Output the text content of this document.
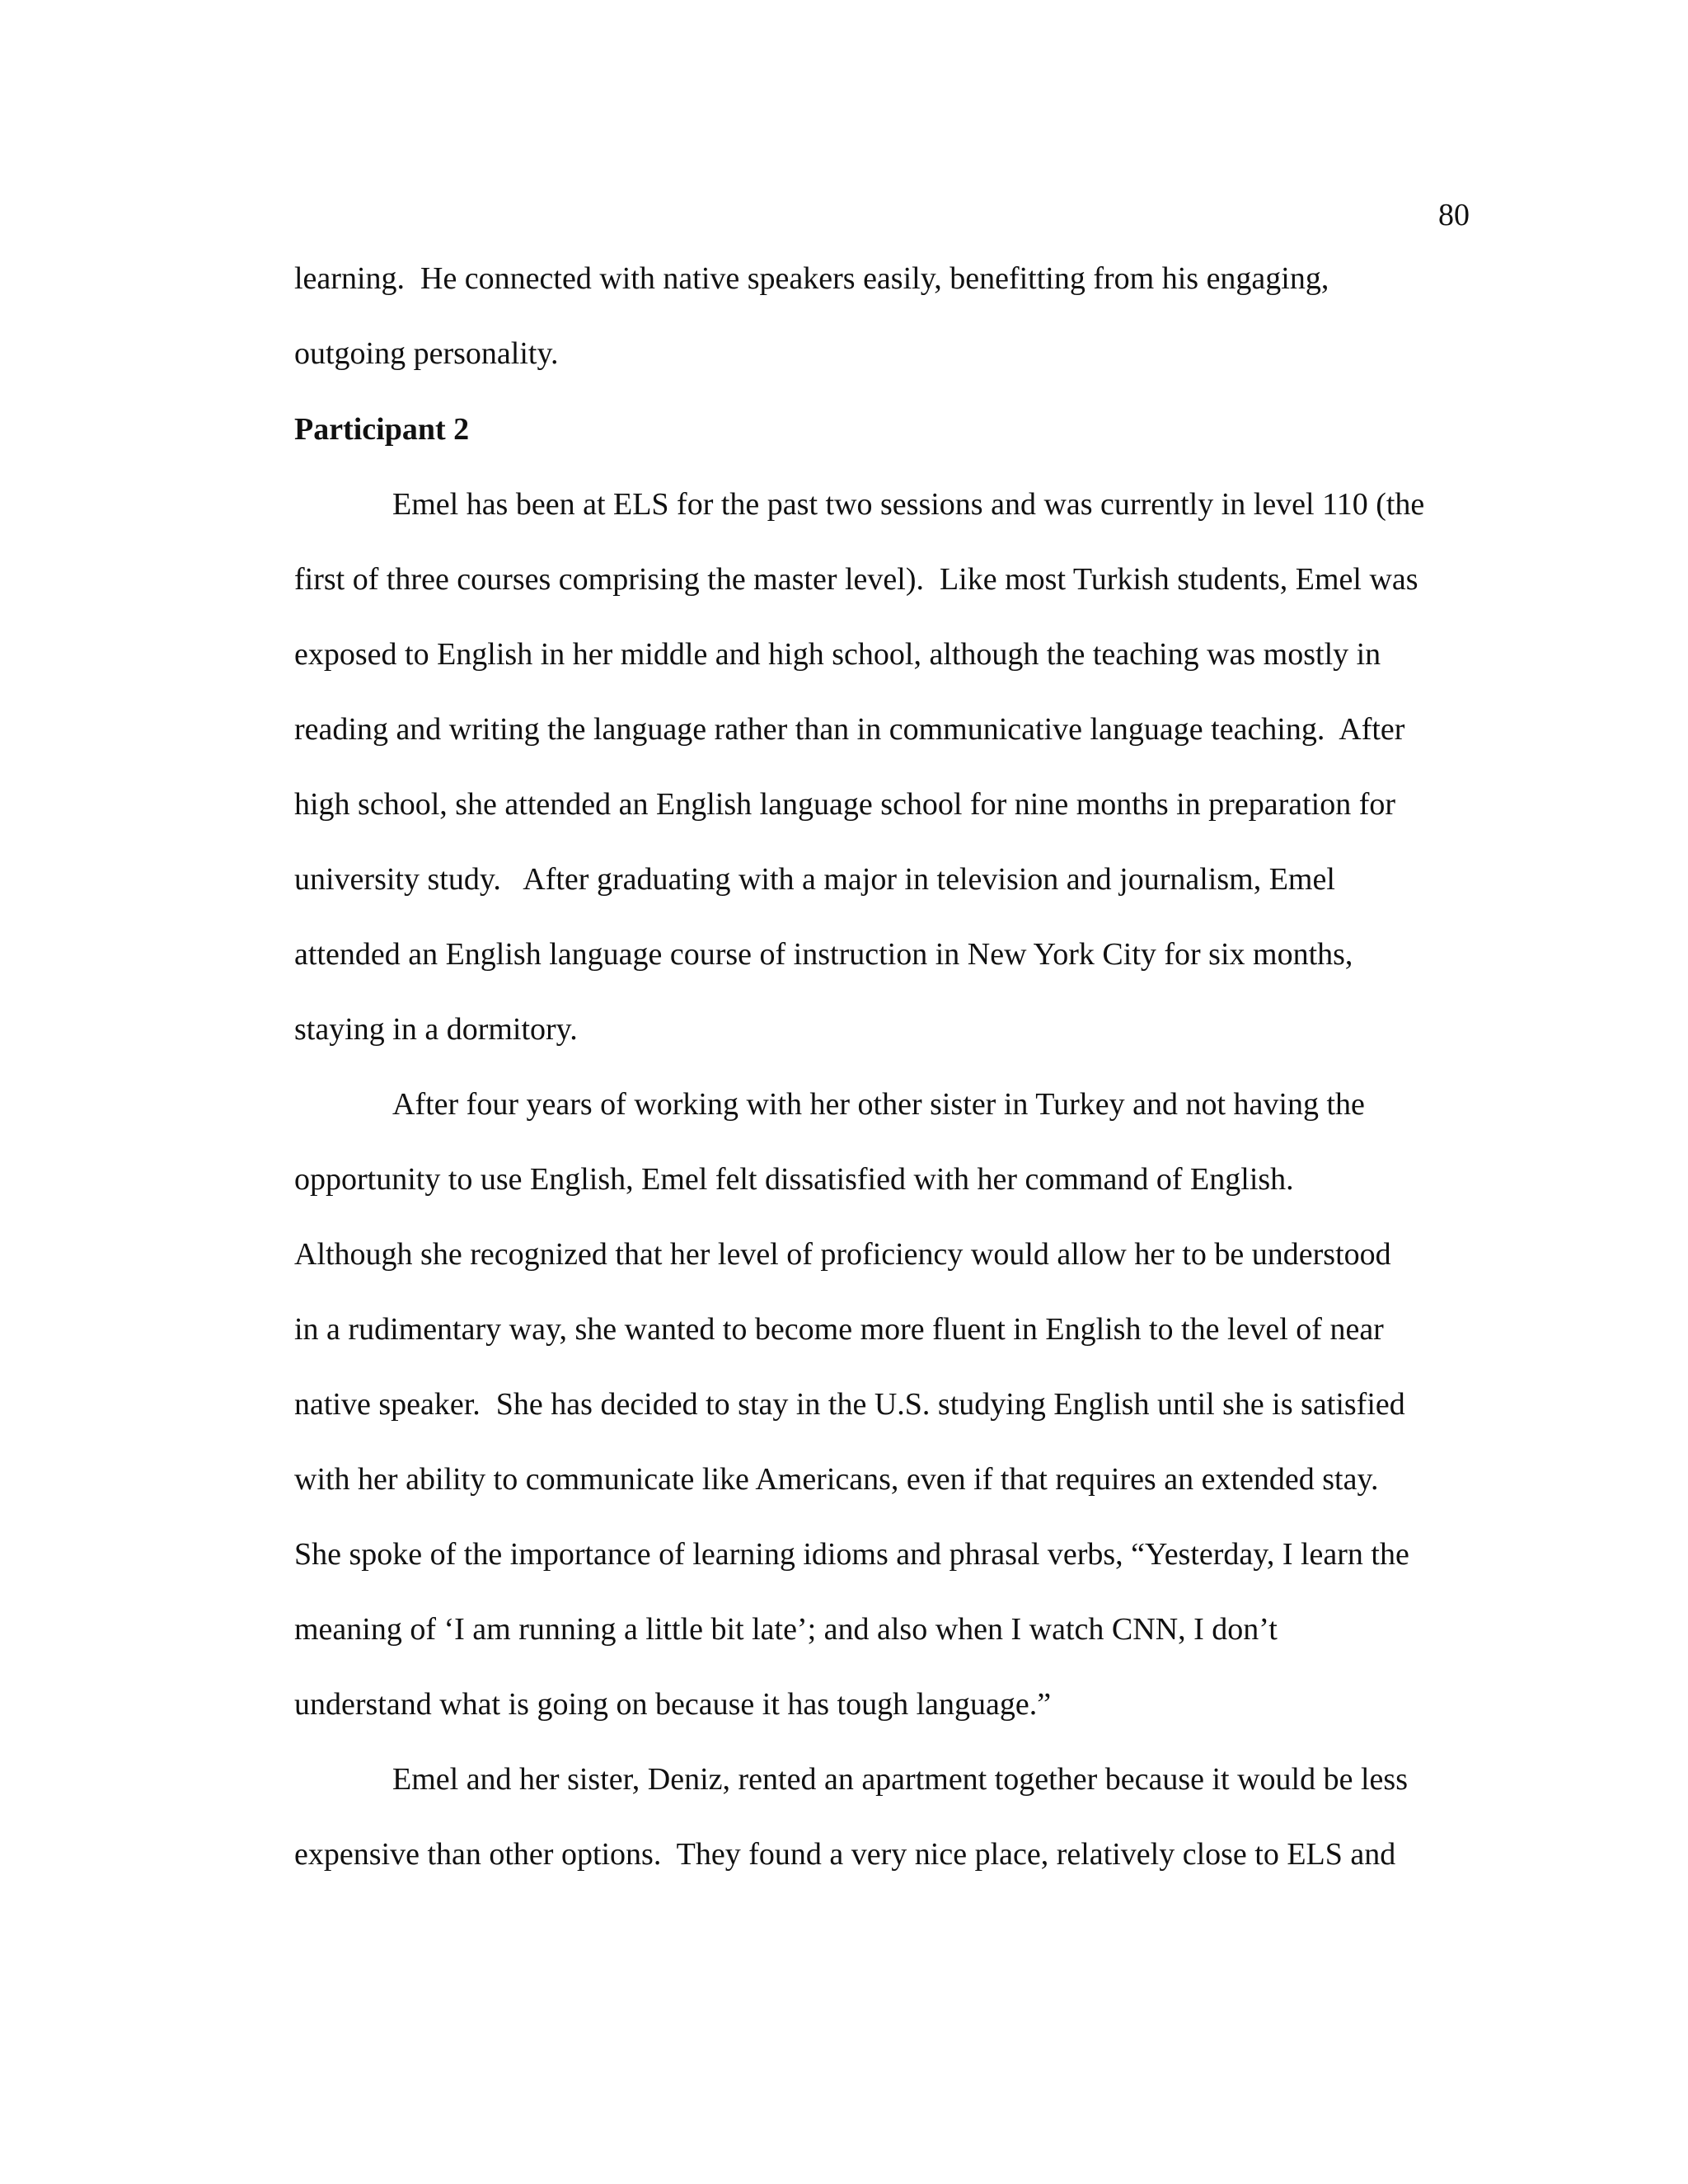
80
learning.  He connected with native speakers easily, benefitting from his engaging,
outgoing personality.
Participant 2
Emel has been at ELS for the past two sessions and was currently in level 110 (the
first of three courses comprising the master level).  Like most Turkish students, Emel was
exposed to English in her middle and high school, although the teaching was mostly in
reading and writing the language rather than in communicative language teaching.  After
high school, she attended an English language school for nine months in preparation for
university study.   After graduating with a major in television and journalism, Emel
attended an English language course of instruction in New York City for six months,
staying in a dormitory.
After four years of working with her other sister in Turkey and not having the
opportunity to use English, Emel felt dissatisfied with her command of English.
Although she recognized that her level of proficiency would allow her to be understood
in a rudimentary way, she wanted to become more fluent in English to the level of near
native speaker.  She has decided to stay in the U.S. studying English until she is satisfied
with her ability to communicate like Americans, even if that requires an extended stay.
She spoke of the importance of learning idioms and phrasal verbs, “Yesterday, I learn the
meaning of ‘I am running a little bit late’; and also when I watch CNN, I don’t
understand what is going on because it has tough language.”
Emel and her sister, Deniz, rented an apartment together because it would be less
expensive than other options.  They found a very nice place, relatively close to ELS and
